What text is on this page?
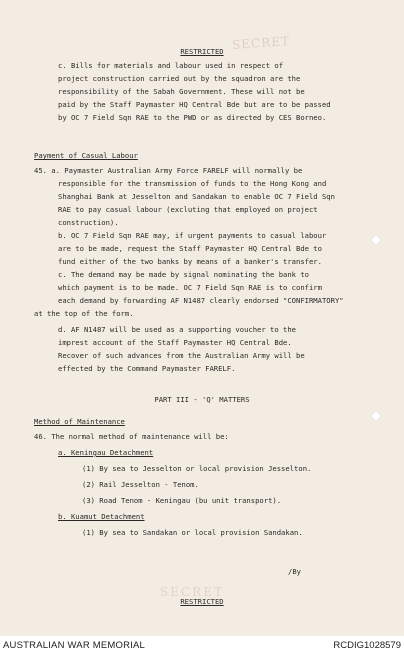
SECRET
SECRET
RESTRICTED
c. Bills for materials and labour used in respect of
project construction carried out by the squadron are the
responsibility of the Sabah Government. These will not be
paid by the Staff Paymaster HQ Central Bde but are to be passed
by OC 7 Field Sqn RAE to the PWD or as directed by CES Borneo.
Payment of Casual Labour
45. a. Paymaster Australian Army Force FARELF will normally be
responsible for the transmission of funds to the Hong Kong and
Shanghai Bank at Jesselton and Sandakan to enable OC 7 Field Sqn
RAE to pay casual labour (excluting that employed on project
construction).
b. OC 7 Field Sqn RAE may, if urgent payments to casual labour
are to be made, request the Staff Paymaster HQ Central Bde to
fund either of the two banks by means of a banker's transfer.
c. The demand may be made by signal nominating the bank to
which payment is to be made. OC 7 Field Sqn RAE is to confirm
each demand by forwarding AF N1487 clearly endorsed "CONFIRMATORY"
at the top of the form.
d. AF N1487 will be used as a supporting voucher to the
imprest account of the Staff Paymaster HQ Central Bde.
Recover of such advances from the Australian Army will be
effected by the Command Paymaster FARELF.
PART III - 'Q' MATTERS
Method of Maintenance
46. The normal method of maintenance will be:
a. Keningau Detachment
(1) By sea to Jesselton or local provision Jesselton.
(2) Rail Jesselton - Tenom.
(3) Road Tenom - Keningau (bu unit transport).
b. Kuamut Detachment
(1) By sea to Sandakan or local provision Sandakan.
/By
RESTRICTED
AUSTRALIAN WAR MEMORIAL	RCDIG1028579
